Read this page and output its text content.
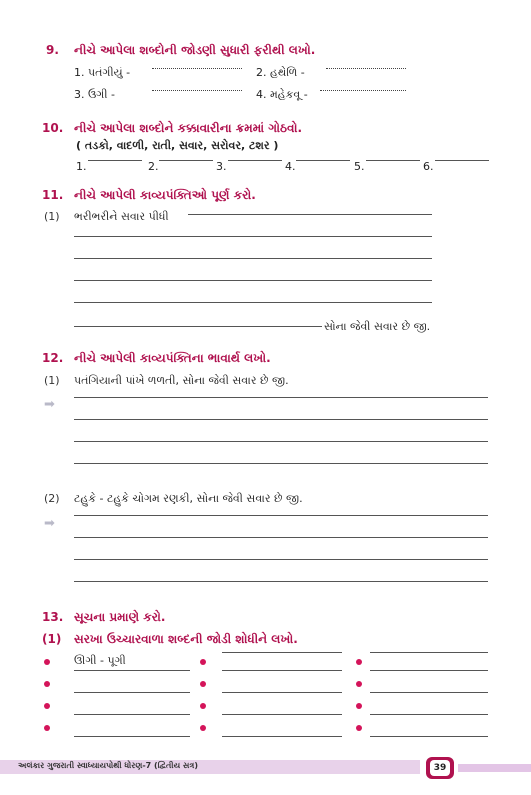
9. નીચે આપેલા શબ્દોની જોડણી સુધારી ફરીથી લખો.
1. પતંગીયું -	2. હથેળિ -
3. ઉગી -	4. મહેકવૂ -
10. નીચે આપેલા શબ્દોને કક્કાવારીના ક્રમમાં ગોઠવો.
( તડકો, વાદળી, રાતી, સવાર, સરોવર, ટશર )
1.	2.	3.	4.	5.	6.
11. નીચે આપેલી કાવ્યપંક્તિઓ પૂર્ણ કરો.
(1) ભરીભરીને સવાર પીધી
સોના જેવી સવાર છે જી.
12. નીચે આપેલી કાવ્યપંક્તિના ભાવાર્થ લખો.
(1) પતંગિયાની પાંખે ળળતી, સોના જેવી સવાર છે જી.
➡
(2) ટહુકે - ટહુકે ચોગમ રણકી, સોના જેવી સવાર છે જી.
➡
13. સૂચના પ્રમાણે કરો.
(1) સરખા ઉચ્ચારવાળા શબ્દની જોડી શોધીને લખો.
ઊગી - પૂગી
અલંકાર ગુજરાતી સ્વાધ્યાયપોથી ધોરણ-7 (દ્વિતીય સત્ર)	39
